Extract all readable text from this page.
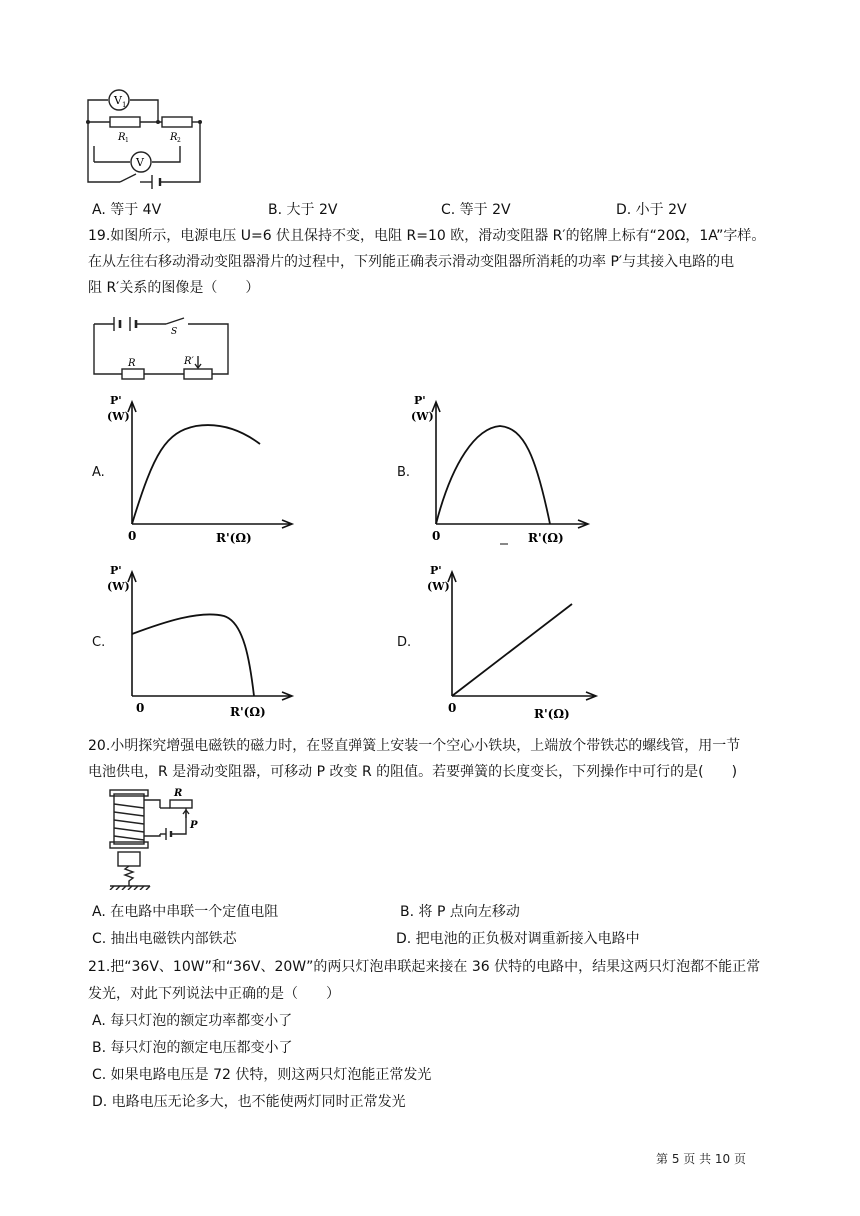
V 1
V
R 1	R 2
A. 等于 4V	B. 大于 2V	C. 等于 2V	D. 小于 2V
19.如图所示，电源电压 U=6 伏且保持不变，电阻 R=10 欧，滑动变阻器 R′的铭牌上标有“20Ω，1A”字样。
在从左往右移动滑动变阻器滑片的过程中，下列能正确表示滑动变阻器所消耗的功率 P′与其接入电路的电
阻 R′关系的图像是（　　）
S
R	R′
A.
P'
(W)
0	R'(Ω)
B.
P'
(W)
0	R'(Ω)
C.
P'
(W)
0	R'(Ω)
D.
P'
(W)
0	R'(Ω)
20.小明探究增强电磁铁的磁力时，在竖直弹簧上安装一个空心小铁块，上端放个带铁芯的螺线管，用一节
电池供电，R 是滑动变阻器，可移动 P 改变 R 的阻值。若要弹簧的长度变长，下列操作中可行的是(　　)
R
P
A. 在电路中串联一个定值电阻	B. 将 P 点向左移动
C. 抽出电磁铁内部铁芯	D. 把电池的正负极对调重新接入电路中
21.把“36V、10W”和“36V、20W”的两只灯泡串联起来接在 36 伏特的电路中，结果这两只灯泡都不能正常
发光，对此下列说法中正确的是（　　）
A. 每只灯泡的额定功率都变小了
B. 每只灯泡的额定电压都变小了
C. 如果电路电压是 72 伏特，则这两只灯泡能正常发光
D. 电路电压无论多大，也不能使两灯同时正常发光
第 5 页 共 10 页
